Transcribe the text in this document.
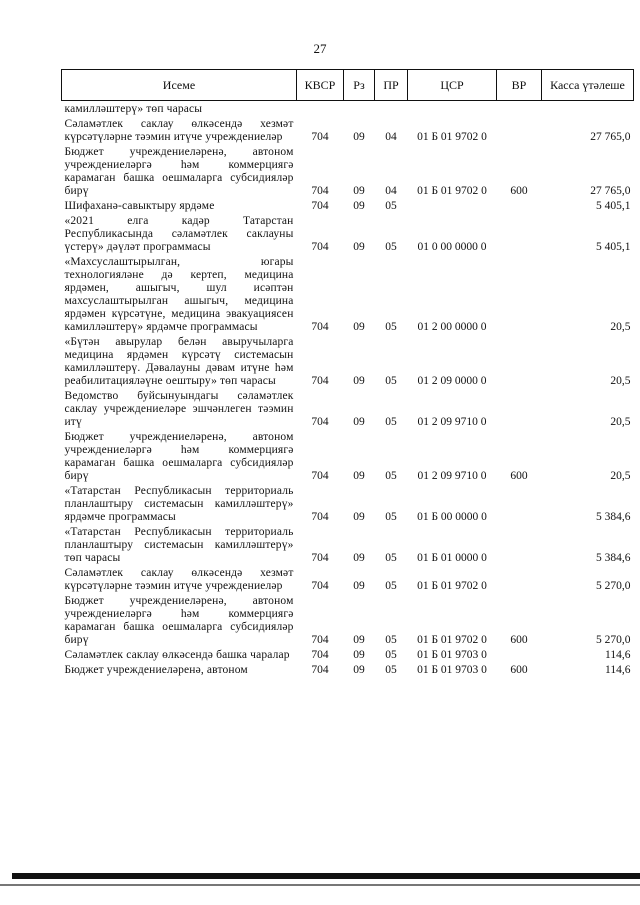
27
Исеме	КВСР	Рз	ПР	ЦСР	ВР	Касса үтәлеше
камилләштерү» төп чарасы						
Сәламәтлек саклау өлкәсендә хезмәт күрсәтүләрне тәэмин итүче учреждениеләр	704	09	04	01 Б 01 9702 0		27 765,0
Бюджет учреждениеләренә, автоном учреждениеләргә һәм коммерциягә карамаган башка оешмаларга субсидияләр бирү	704	09	04	01 Б 01 9702 0	600	27 765,0
Шифаханә-савыктыру ярдәме	704	09	05			5 405,1
«2021 елга кадәр Татарстан Республикасында сәламәтлек саклауны үстерү» дәүләт программасы	704	09	05	01 0 00 0000 0		5 405,1
«Махсуслаштырылган, югары технологияләне дә кертеп, медицина ярдәмен, ашыгыч, шул исәптән махсуслаштырылган ашыгыч, медицина ярдәмен күрсәтүне, медицина эвакуациясен камилләштерү» ярдәмче программасы	704	09	05	01 2 00 0000 0		20,5
«Бүтән авырулар белән авыручыларга медицина ярдәмен күрсәтү системасын камилләштерү. Дәвалауны дәвам итүне һәм реабилитацияләүне оештыру» төп чарасы	704	09	05	01 2 09 0000 0		20,5
Ведомство буйсынуындагы сәламәтлек саклау учреждениеләре эшчәнлеген тәэмин итү	704	09	05	01 2 09 9710 0		20,5
Бюджет учреждениеләренә, автоном учреждениеләргә һәм коммерциягә карамаган башка оешмаларга субсидияләр бирү	704	09	05	01 2 09 9710 0	600	20,5
«Татарстан Республикасын территориаль планлаштыру системасын камилләштерү» ярдәмче программасы	704	09	05	01 Б 00 0000 0		5 384,6
«Татарстан Республикасын территориаль планлаштыру системасын камилләштерү» төп чарасы	704	09	05	01 Б 01 0000 0		5 384,6
Сәламәтлек саклау өлкәсендә хезмәт күрсәтүләрне тәэмин итүче учреждениеләр	704	09	05	01 Б 01 9702 0		5 270,0
Бюджет учреждениеләренә, автоном учреждениеләргә һәм коммерциягә карамаган башка оешмаларга субсидияләр бирү	704	09	05	01 Б 01 9702 0	600	5 270,0
Сәламәтлек саклау өлкәсендә башка чаралар	704	09	05	01 Б 01 9703 0		114,6
Бюджет учреждениеләренә, автоном	704	09	05	01 Б 01 9703 0	600	114,6
